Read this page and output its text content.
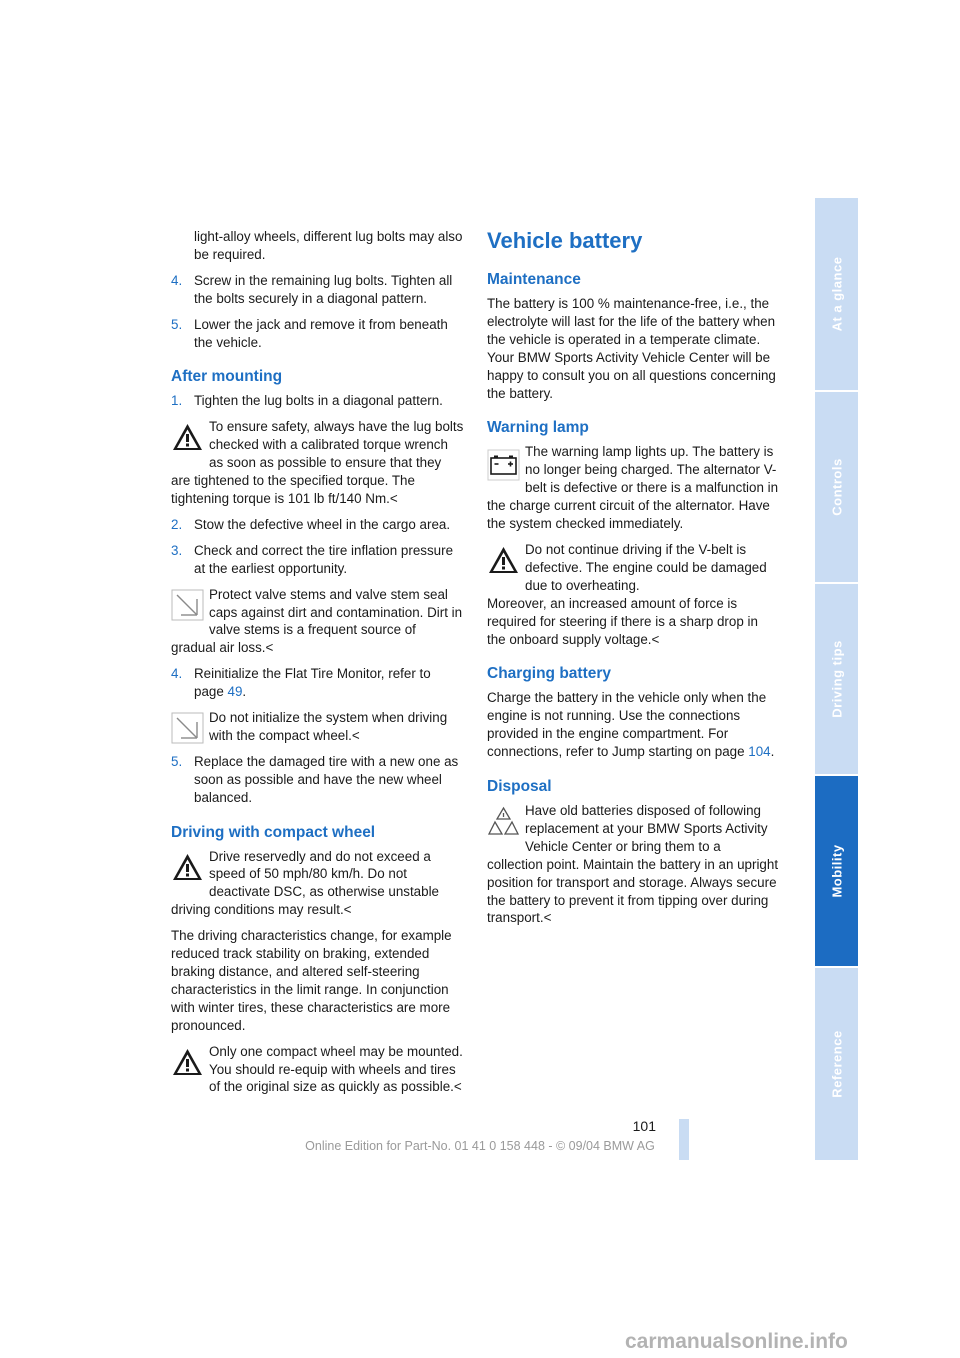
light-alloy wheels, different lug bolts may also be required.

4. Screw in the remaining lug bolts. Tighten all the bolts securely in a diagonal pattern.
5. Lower the jack and remove it from beneath the vehicle.
After mounting
1. Tighten the lug bolts in a diagonal pattern.
To ensure safety, always have the lug bolts checked with a calibrated torque wrench as soon as possible to ensure that they are tightened to the specified torque. The tightening torque is 101 lb ft/140 Nm.<
2. Stow the defective wheel in the cargo area.
3. Check and correct the tire inflation pressure at the earliest opportunity.
Protect valve stems and valve stem seal caps against dirt and contamination. Dirt in valve stems is a frequent source of gradual air loss.<
4. Reinitialize the Flat Tire Monitor, refer to page 49.
Do not initialize the system when driving with the compact wheel.<
5. Replace the damaged tire with a new one as soon as possible and have the new wheel balanced.
Driving with compact wheel
Drive reservedly and do not exceed a speed of 50 mph/80 km/h. Do not deactivate DSC, as otherwise unstable driving conditions may result.<

The driving characteristics change, for example reduced track stability on braking, extended braking distance, and altered self-steering characteristics in the limit range. In conjunction with winter tires, these characteristics are more pronounced.

Only one compact wheel may be mounted. You should re-equip with wheels and tires of the original size as quickly as possible.<
Vehicle battery
Maintenance

The battery is 100 % maintenance-free, i.e., the electrolyte will last for the life of the battery when the vehicle is operated in a temperate climate. Your BMW Sports Activity Vehicle Center will be happy to consult you on all questions concerning the battery.

Warning lamp
The warning lamp lights up. The battery is no longer being charged. The alternator V-belt is defective or there is a malfunction in the charge current circuit of the alternator. Have the system checked immediately.
Do not continue driving if the V-belt is defective. The engine could be damaged due to overheating.

Moreover, an increased amount of force is required for steering if there is a sharp drop in the onboard supply voltage.<

Charging battery

Charge the battery in the vehicle only when the engine is not running. Use the connections provided in the engine compartment. For connections, refer to Jump starting on page 104.

Disposal
Have old batteries disposed of following replacement at your BMW Sports Activity Vehicle Center or bring them to a collection point. Maintain the battery in an upright position for transport and storage. Always secure the battery to prevent it from tipping over during transport.<
At a glance
Controls
Driving tips
Mobility
Reference
101
Online Edition for Part-No. 01 41 0 158 448 - © 09/04 BMW AG
carmanualsonline.info
